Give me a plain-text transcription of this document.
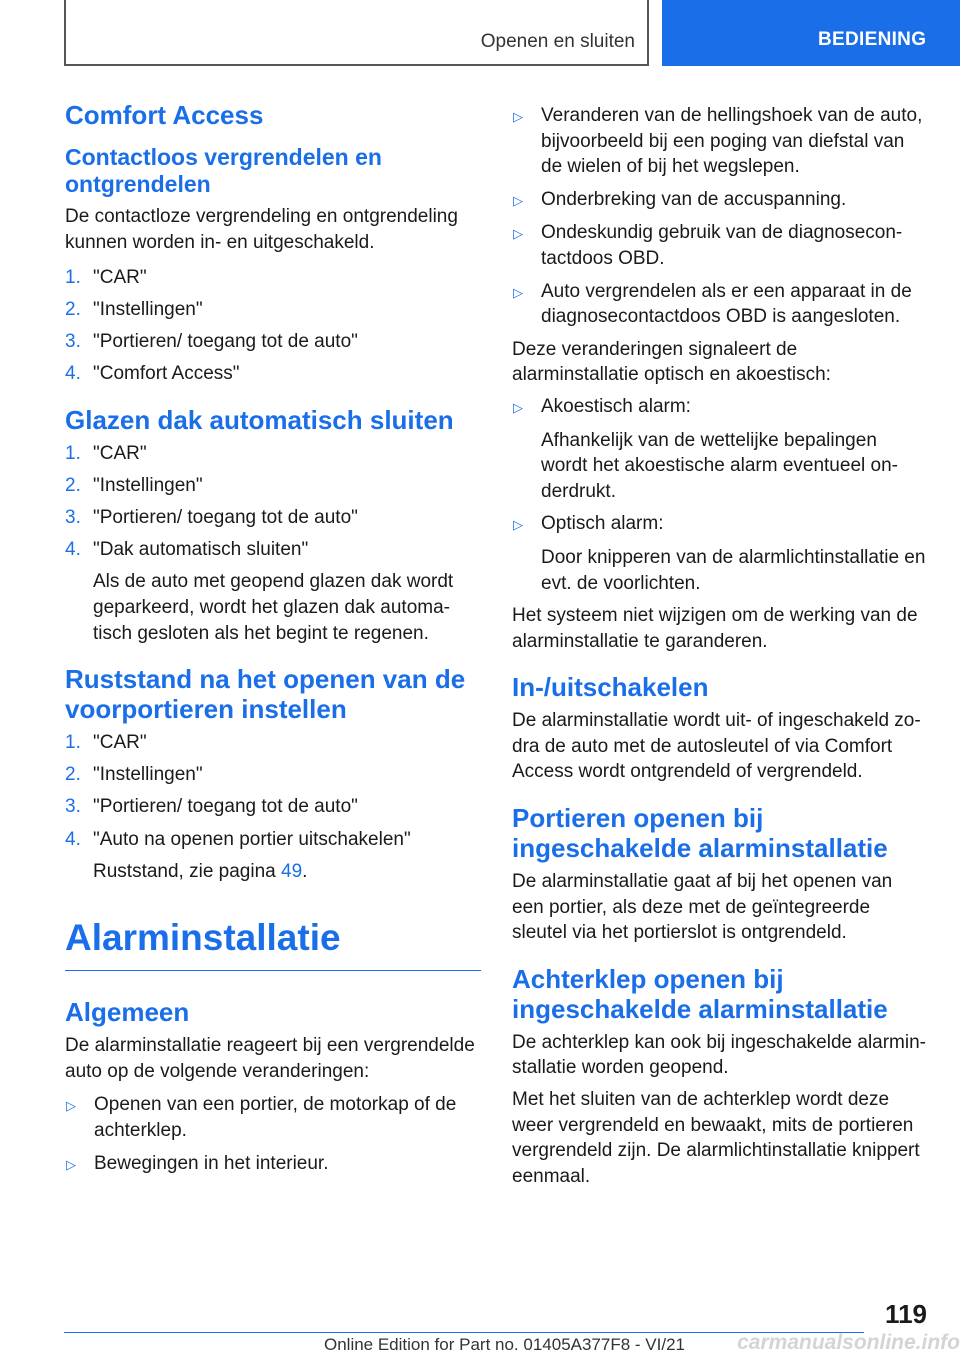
Openen en sluiten	BEDIENING
Comfort Access
Contactloos vergrendelen en ontgrendelen

De contactloze vergrendeling en ontgrendeling kunnen worden in- en uitgeschakeld.

1. "CAR"
2. "Instellingen"
3. "Portieren/ toegang tot de auto"
4. "Comfort Access"
Glazen dak automatisch sluiten
1. "CAR"
2. "Instellingen"
3. "Portieren/ toegang tot de auto"
4. "Dak automatisch sluiten"
Als de auto met geopend glazen dak wordt geparkeerd, wordt het glazen dak automa‐tisch gesloten als het begint te regenen.
Ruststand na het openen van de voorportieren instellen
1. "CAR"
2. "Instellingen"
3. "Portieren/ toegang tot de auto"
4. "Auto na openen portier uitschakelen"
Ruststand, zie pagina 49.
Alarminstallatie
Algemeen

De alarminstallatie reageert bij een vergrendelde auto op de volgende veranderingen:

▷ Openen van een portier, de motorkap of de achterklep.
▷ Bewegingen in het interieur.
▷ Veranderen van de hellingshoek van de auto, bijvoorbeeld bij een poging van diefstal van de wielen of bij het wegslepen.
▷ Onderbreking van de accuspanning.
▷ Ondeskundig gebruik van de diagnosecon‐tactdoos OBD.
▷ Auto vergrendelen als er een apparaat in de diagnosecontactdoos OBD is aangesloten.

Deze veranderingen signaleert de alarminstallatie optisch en akoestisch:

▷ Akoestisch alarm:
Afhankelijk van de wettelijke bepalingen wordt het akoestische alarm eventueel on‐derdrukt.
▷ Optisch alarm:
Door knipperen van de alarmlichtinstallatie en evt. de voorlichten.

Het systeem niet wijzigen om de werking van de alarminstallatie te garanderen.

In-/uitschakelen

De alarminstallatie wordt uit- of ingeschakeld zo‐dra de auto met de autosleutel of via Comfort Access wordt ontgrendeld of vergrendeld.

Portieren openen bij ingeschakelde alarminstallatie

De alarminstallatie gaat af bij het openen van een portier, als deze met de geïntegreerde sleutel via het portierslot is ontgrendeld.

Achterklep openen bij ingeschakelde alarminstallatie

De achterklep kan ook bij ingeschakelde alarmin‐stallatie worden geopend.

Met het sluiten van de achterklep wordt deze weer vergrendeld en bewaakt, mits de portieren vergrendeld zijn. De alarmlichtinstallatie knippert eenmaal.

119
Online Edition for Part no. 01405A377F8 - VI/21 carmanualsonline.info
